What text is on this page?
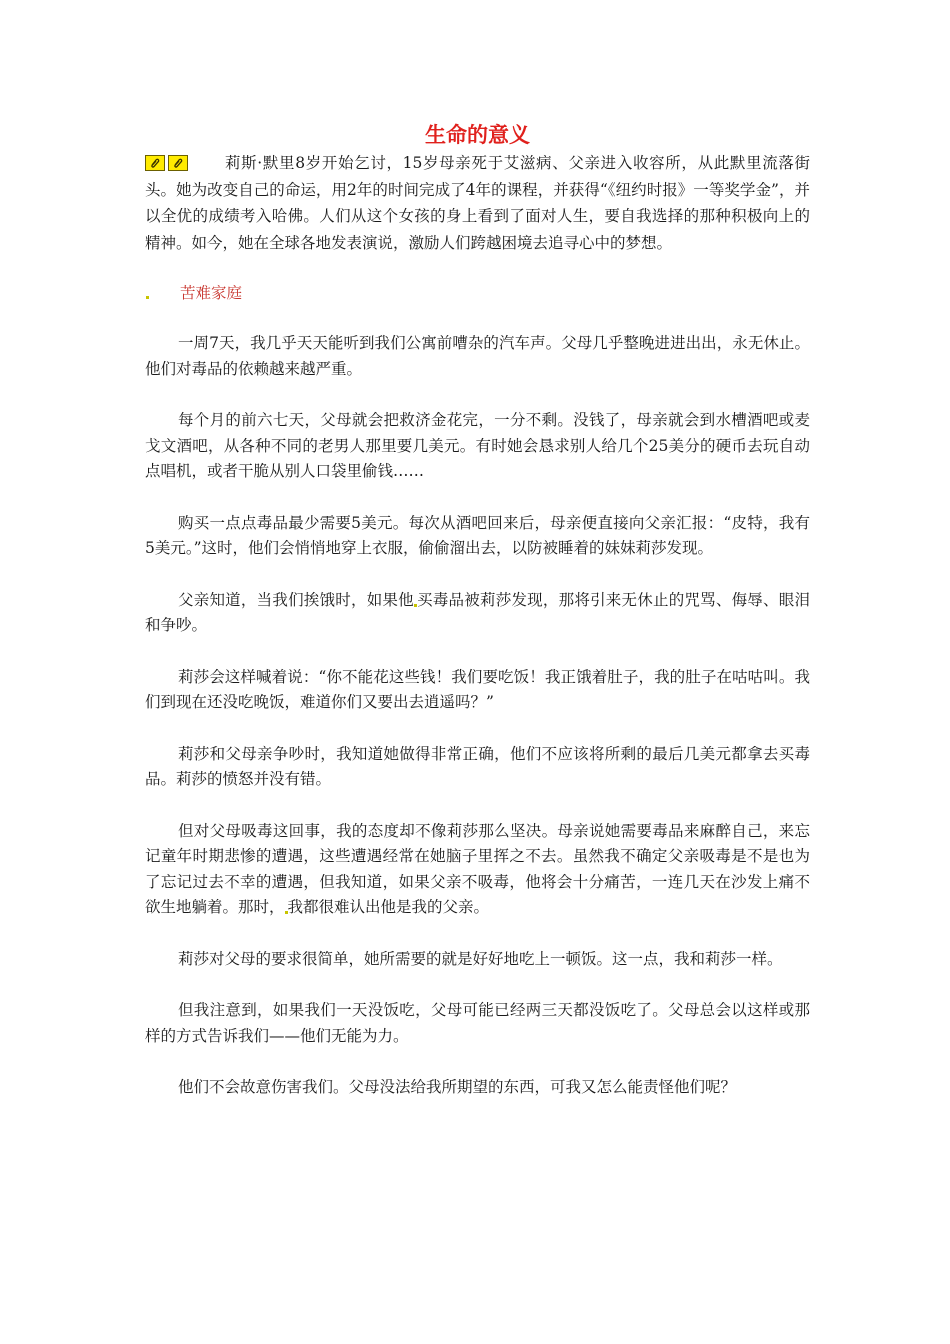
生命的意义

莉斯·默里8岁开始乞讨，15岁母亲死于艾滋病、父亲进入收容所，从此默里流落街头。她为改变自己的命运，用2年的时间完成了4年的课程，并获得“《纽约时报》一等奖学金”，并以全优的成绩考入哈佛。人们从这个女孩的身上看到了面对人生，要自我选择的那种积极向上的精神。如今，她在全球各地发表演说，激励人们跨越困境去追寻心中的梦想。

苦难家庭

一周7天，我几乎天天能听到我们公寓前嘈杂的汽车声。父母几乎整晚进进出出，永无休止。他们对毒品的依赖越来越严重。

每个月的前六七天，父母就会把救济金花完，一分不剩。没钱了，母亲就会到水槽酒吧或麦戈文酒吧，从各种不同的老男人那里要几美元。有时她会恳求别人给几个25美分的硬币去玩自动点唱机，或者干脆从别人口袋里偷钱……

购买一点点毒品最少需要5美元。每次从酒吧回来后，母亲便直接向父亲汇报：“皮特，我有5美元。”这时，他们会悄悄地穿上衣服，偷偷溜出去，以防被睡着的妹妹莉莎发现。

父亲知道，当我们挨饿时，如果他 买毒品被莉莎发现，那将引来无休止的咒骂、侮辱、眼泪和争吵。

莉莎会这样喊着说：“你不能花这些钱！我们要吃饭！我正饿着肚子，我的肚子在咕咕叫。我们到现在还没吃晚饭，难道你们又要出去逍遥吗？”

莉莎和父母亲争吵时，我知道她做得非常正确，他们不应该将所剩的最后几美元都拿去买毒品。莉莎的愤怒并没有错。

但对父母吸毒这回事，我的态度却不像莉莎那么坚决。母亲说她需要毒品来麻醉自己，来忘记童年时期悲惨的遭遇，这些遭遇经常在她脑子里挥之不去。虽然我不确定父亲吸毒是不是也为了忘记过去不幸的遭遇，但我知道，如果父亲不吸毒，他将会十分痛苦，一连几天在沙发上痛不欲生地躺着。那时， 我都很难认出他是我的父亲。

莉莎对父母的要求很简单，她所需要的就是好好地吃上一顿饭。这一点，我和莉莎一样。

但我注意到，如果我们一天没饭吃，父母可能已经两三天都没饭吃了。父母总会以这样或那样的方式告诉我们——他们无能为力。

他们不会故意伤害我们。父母没法给我所期望的东西，可我又怎么能责怪他们呢？
